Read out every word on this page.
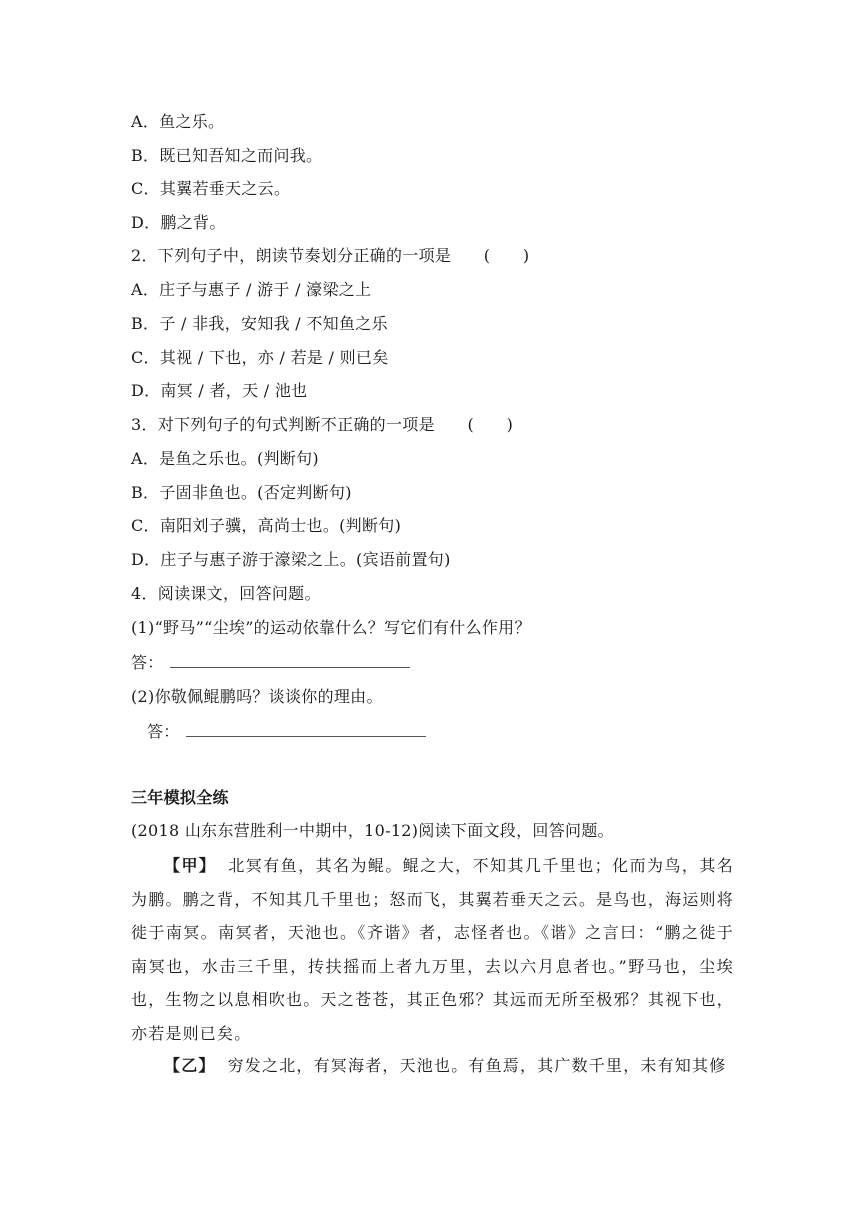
A．鱼之乐。
B．既已知吾知之而问我。
C．其翼若垂天之云。
D．鹏之背。
2．下列句子中，朗读节奏划分正确的一项是　　(　　)
A．庄子与惠子 / 游于 / 濠梁之上
B．子 / 非我，安知我 / 不知鱼之乐
C．其视 / 下也，亦 / 若是 / 则已矣
D．南冥 / 者，天 / 池也
3．对下列句子的句式判断不正确的一项是　　(　　)
A．是鱼之乐也。(判断句)
B．子固非鱼也。(否定判断句)
C．南阳刘子骥，高尚士也。(判断句)
D．庄子与惠子游于濠梁之上。(宾语前置句)
4．阅读课文，回答问题。
(1)“野马”“尘埃”的运动依靠什么？写它们有什么作用？
答：
(2)你敬佩鲲鹏吗？谈谈你的理由。
答：
三年模拟全练
(2018 山东东营胜利一中期中，10-12)阅读下面文段，回答问题。

【甲】 北冥有鱼，其名为鲲。鲲之大，不知其几千里也；化而为鸟，其名为鹏。鹏之背，不知其几千里也；怒而飞，其翼若垂天之云。是鸟也，海运则将徙于南冥。南冥者，天池也。《齐谐》者，志怪者也。《谐》之言曰：“鹏之徙于南冥也，水击三千里，抟扶摇而上者九万里，去以六月息者也。”野马也，尘埃也，生物之以息相吹也。天之苍苍，其正色邪？其远而无所至极邪？其视下也，亦若是则已矣。

【乙】 穷发之北，有冥海者，天池也。有鱼焉，其广数千里，未有知其修
